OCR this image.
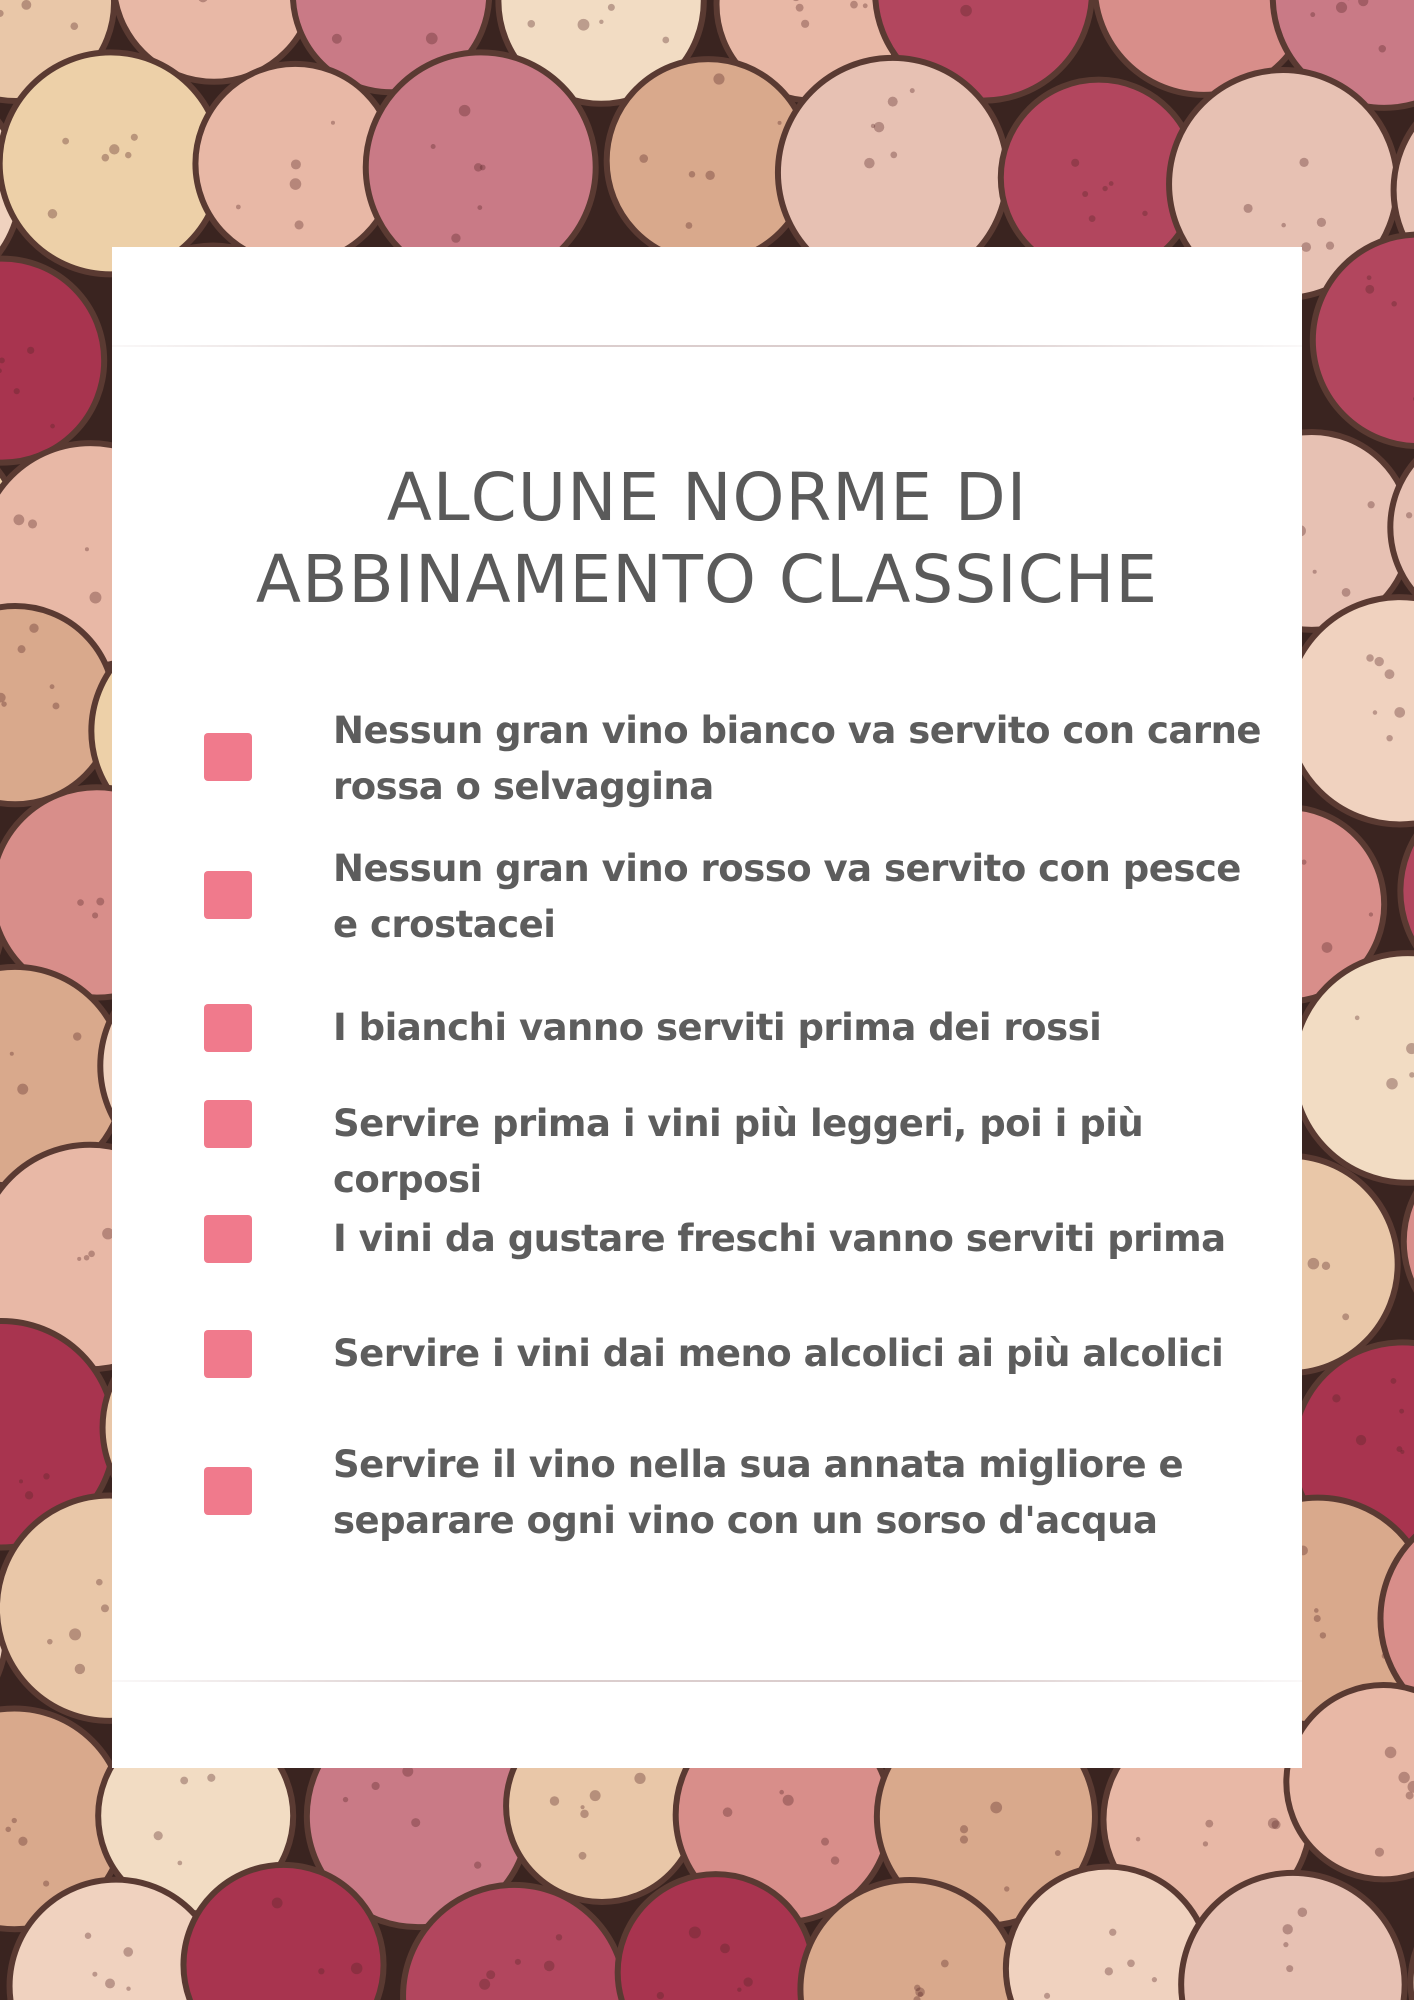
ALCUNE NORME DI
ABBINAMENTO CLASSICHE
Nessun gran vino bianco va servito con carne rossa o selvaggina
Nessun gran vino rosso va servito con pesce e crostacei
I bianchi vanno serviti prima dei rossi
Servire prima i vini più leggeri, poi i più corposi
I vini da gustare freschi vanno serviti prima
Servire i vini dai meno alcolici ai più alcolici
Servire il vino nella sua annata migliore e separare ogni vino con un sorso d'acqua
